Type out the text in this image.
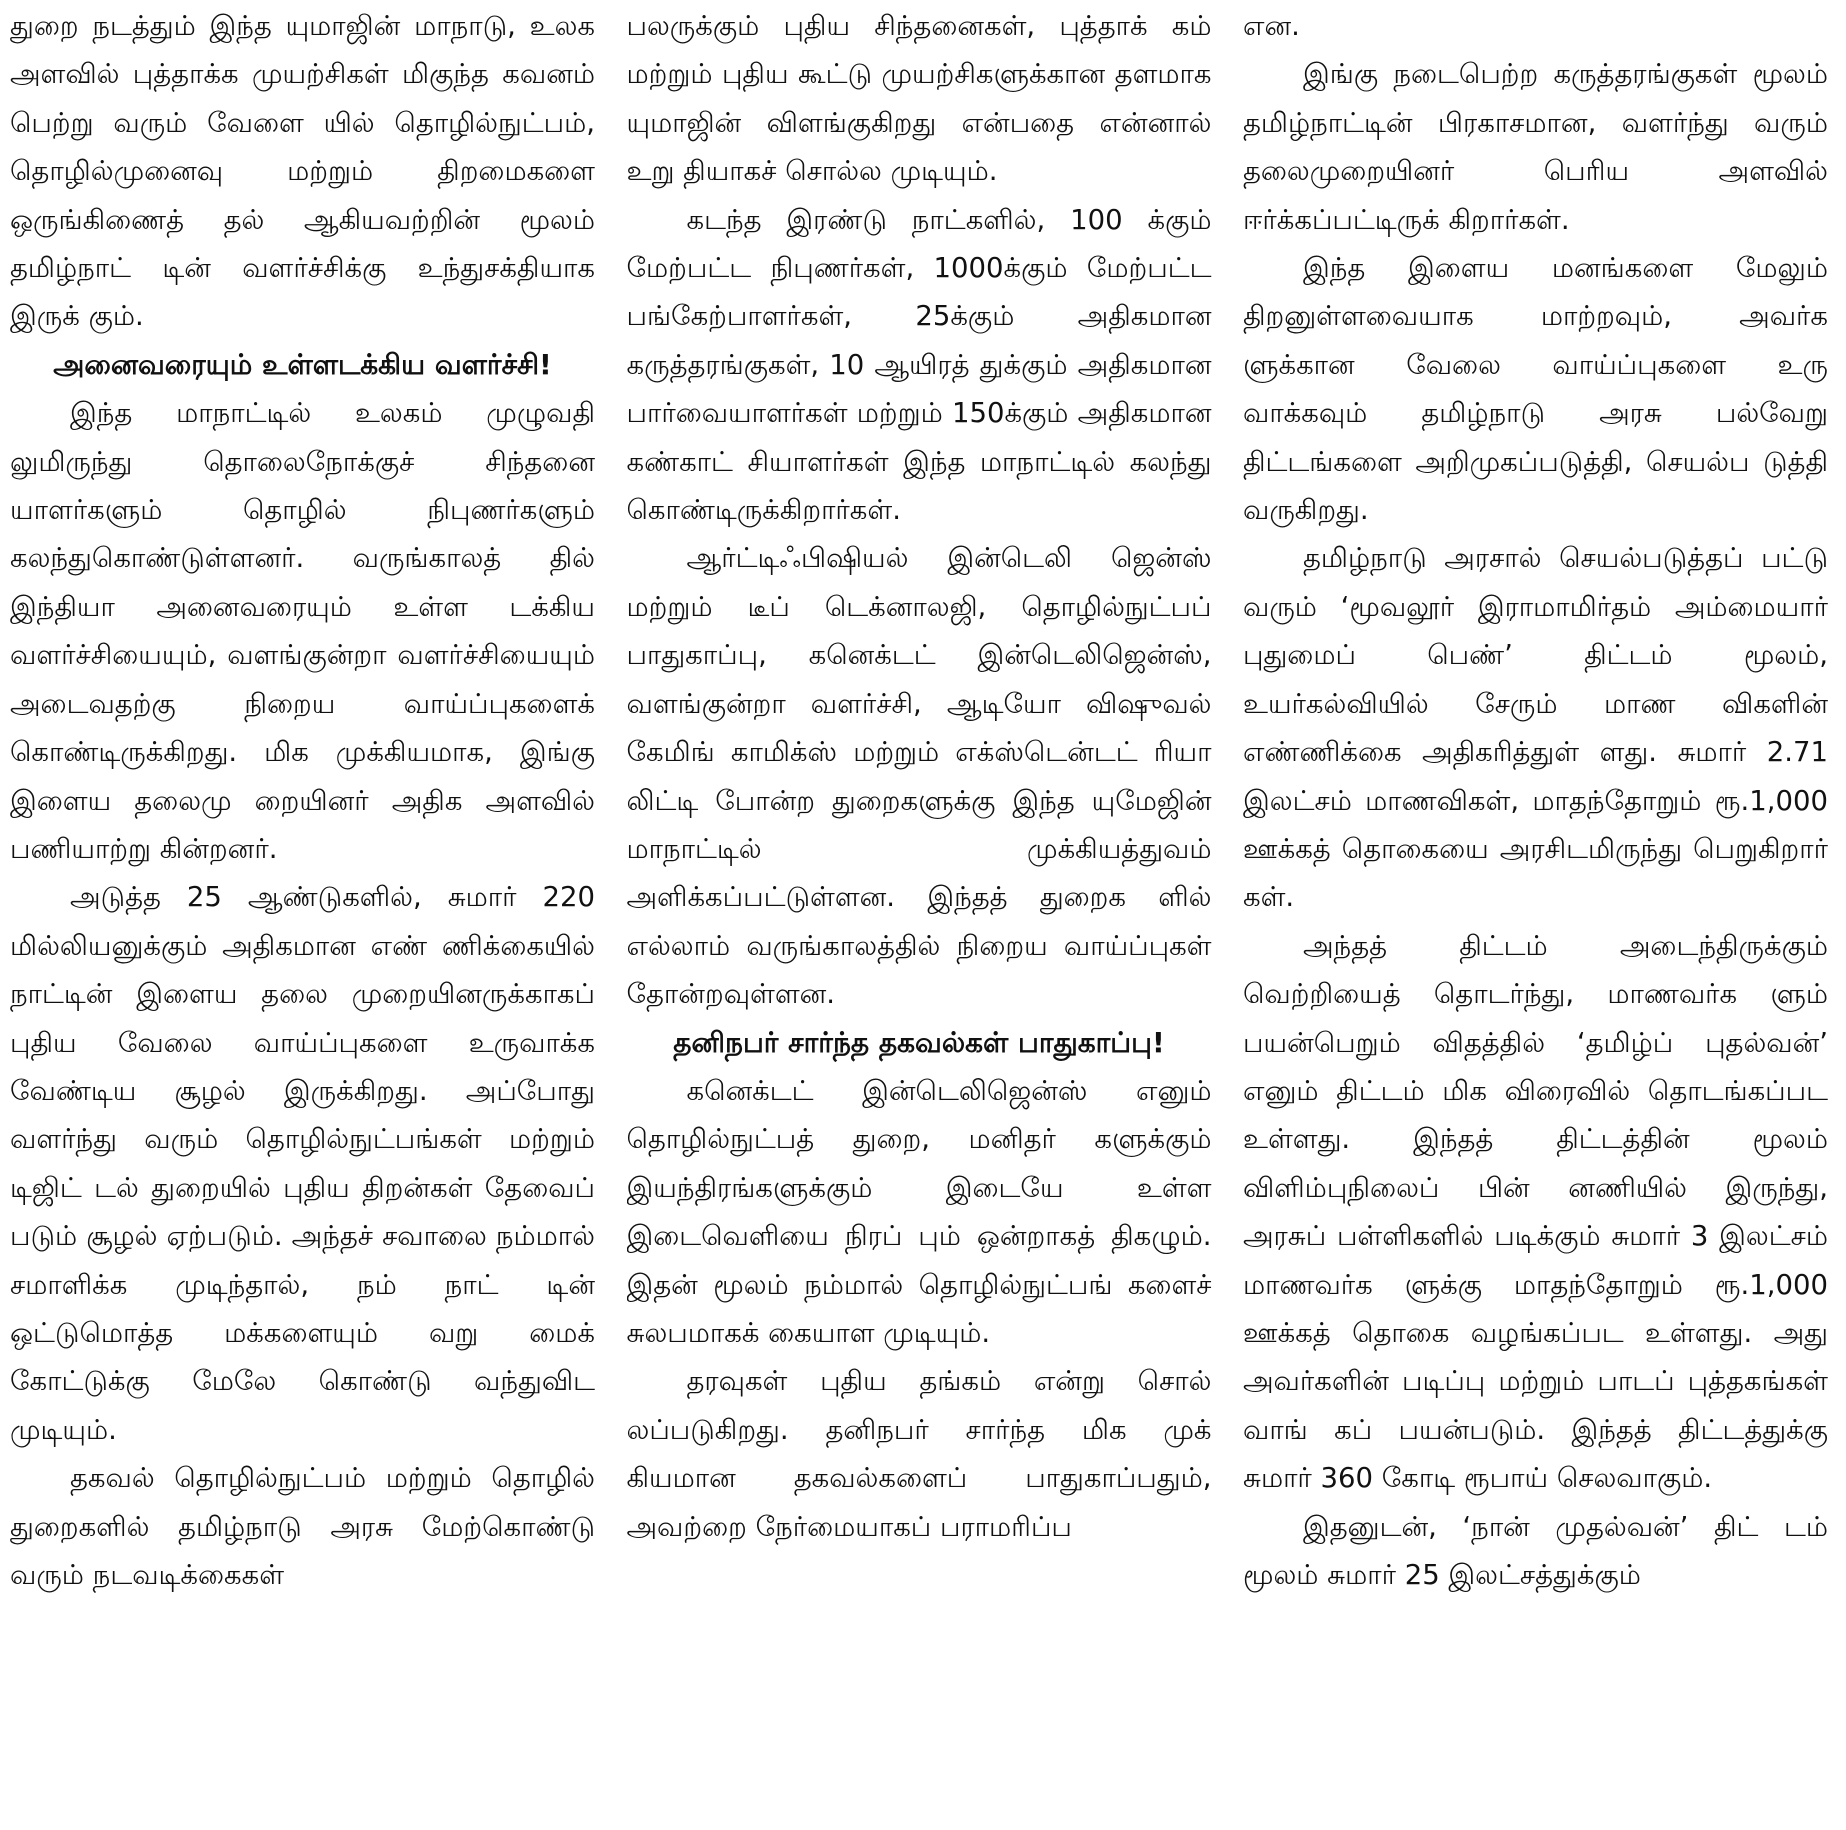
துறை நடத்தும் இந்த யுமாஜின் மாநாடு, உலக அளவில் புத்தாக்க முயற்சிகள் மிகுந்த கவனம் பெற்று வரும் வேளை யில் தொழில்நுட்பம், தொழில்முனைவு மற்றும் திறமைகளை ஒருங்கிணைத் தல் ஆகியவற்றின் மூலம் தமிழ்நாட் டின் வளர்ச்சிக்கு உந்துசக்தியாக இருக் கும்.

அனைவரையும் உள்ளடக்கிய வளர்ச்சி!

இந்த மாநாட்டில் உலகம் முழுவதி லுமிருந்து தொலைநோக்குச் சிந்தனை யாளர்களும் தொழில் நிபுணர்களும் கலந்துகொண்டுள்ளனர். வருங்காலத் தில் இந்தியா அனைவரையும் உள்ள டக்கிய வளர்ச்சியையும், வளங்குன்றா வளர்ச்சியையும் அடைவதற்கு நிறைய வாய்ப்புகளைக் கொண்டிருக்கிறது. மிக முக்கியமாக, இங்கு இளைய தலைமு றையினர் அதிக அளவில் பணியாற்று கின்றனர்.

அடுத்த 25 ஆண்டுகளில், சுமார் 220 மில்லியனுக்கும் அதிகமான எண் ணிக்கையில் நாட்டின் இளைய தலை முறையினருக்காகப் புதிய வேலை வாய்ப்புகளை உருவாக்க வேண்டிய சூழல் இருக்கிறது. அப்போது வளர்ந்து வரும் தொழில்நுட்பங்கள் மற்றும் டிஜிட் டல் துறையில் புதிய திறன்கள் தேவைப் படும் சூழல் ஏற்படும். அந்தச் சவாலை நம்மால் சமாளிக்க முடிந்தால், நம் நாட் டின் ஒட்டுமொத்த மக்களையும் வறு மைக் கோட்டுக்கு மேலே கொண்டு வந்துவிட முடியும்.

தகவல் தொழில்நுட்பம் மற்றும் தொழில் துறைகளில் தமிழ்நாடு அரசு மேற்கொண்டு வரும் நடவடிக்கைகள்

பலருக்கும் புதிய சிந்தனைகள், புத்தாக் கம் மற்றும் புதிய கூட்டு முயற்சிகளுக்கான தளமாக யுமாஜின் விளங்குகிறது என்பதை என்னால் உறு தியாகச் சொல்ல முடியும்.

கடந்த இரண்டு நாட்களில், 100 க்கும் மேற்பட்ட நிபுணர்கள், 1000க்கும் மேற்பட்ட பங்கேற்பாளர்கள், 25க்கும் அதிகமான கருத்தரங்குகள், 10 ஆயிரத் துக்கும் அதிகமான பார்வையாளர்கள் மற்றும் 150க்கும் அதிகமான கண்காட் சியாளர்கள் இந்த மாநாட்டில் கலந்து கொண்டிருக்கிறார்கள்.

ஆர்ட்டிஃபிஷியல் இன்டெலி ஜென்ஸ் மற்றும் டீப் டெக்னாலஜி, தொழில்நுட்பப் பாதுகாப்பு, கனெக்டட் இன்டெலிஜென்ஸ், வளங்குன்றா வளர்ச்சி, ஆடியோ விஷுவல் கேமிங் காமிக்ஸ் மற்றும் எக்ஸ்டென்டட் ரியா லிட்டி போன்ற துறைகளுக்கு இந்த யுமேஜின் மாநாட்டில் முக்கியத்துவம் அளிக்கப்பட்டுள்ளன. இந்தத் துறைக ளில் எல்லாம் வருங்காலத்தில் நிறைய வாய்ப்புகள் தோன்றவுள்ளன.

தனிநபர் சார்ந்த தகவல்கள் பாதுகாப்பு!

கனெக்டட் இன்டெலிஜென்ஸ் எனும் தொழில்நுட்பத் துறை, மனிதர் களுக்கும் இயந்திரங்களுக்கும் இடையே உள்ள இடைவெளியை நிரப் பும் ஒன்றாகத் திகழும். இதன் மூலம் நம்மால் தொழில்நுட்பங் களைச் சுலபமாகக் கையாள முடியும்.

தரவுகள் புதிய தங்கம் என்று சொல் லப்படுகிறது. தனிநபர் சார்ந்த மிக முக் கியமான தகவல்களைப் பாதுகாப்பதும், அவற்றை நேர்மையாகப் பராமரிப்ப

என.

இங்கு நடைபெற்ற கருத்தரங்குகள் மூலம் தமிழ்நாட்டின் பிரகாசமான, வளர்ந்து வரும் தலைமுறையினர் பெரிய அளவில் ஈர்க்கப்பட்டிருக் கிறார்கள்.

இந்த இளைய மனங்களை மேலும் திறனுள்ளவையாக மாற்றவும், அவர்க ளுக்கான வேலை வாய்ப்புகளை உரு வாக்கவும் தமிழ்நாடு அரசு பல்வேறு திட்டங்களை அறிமுகப்படுத்தி, செயல்ப டுத்தி வருகிறது.

தமிழ்நாடு அரசால் செயல்படுத்தப் பட்டு வரும் ‘மூவலூர் இராமாமிர்தம் அம்மையார் புதுமைப் பெண்’ திட்டம் மூலம், உயர்கல்வியில் சேரும் மாண விகளின் எண்ணிக்கை அதிகரித்துள் ளது. சுமார் 2.71 இலட்சம் மாணவிகள், மாதந்தோறும் ரூ.1,000 ஊக்கத் தொகையை அரசிடமிருந்து பெறுகிறார் கள்.

அந்தத் திட்டம் அடைந்திருக்கும் வெற்றியைத் தொடர்ந்து, மாணவர்க ளும் பயன்பெறும் விதத்தில் ‘தமிழ்ப் புதல்வன்’ எனும் திட்டம் மிக விரைவில் தொடங்கப்பட உள்ளது. இந்தத் திட்டத்தின் மூலம் விளிம்புநிலைப் பின் னணியில் இருந்து, அரசுப் பள்ளிகளில் படிக்கும் சுமார் 3 இலட்சம் மாணவர்க ளுக்கு மாதந்தோறும் ரூ.1,000 ஊக்கத் தொகை வழங்கப்பட உள்ளது. அது அவர்களின் படிப்பு மற்றும் பாடப் புத்தகங்கள் வாங் கப் பயன்படும். இந்தத் திட்டத்துக்கு சுமார் 360 கோடி ரூபாய் செலவாகும்.

இதனுடன், ‘நான் முதல்வன்’ திட் டம் மூலம் சுமார் 25 இலட்சத்துக்கும்
